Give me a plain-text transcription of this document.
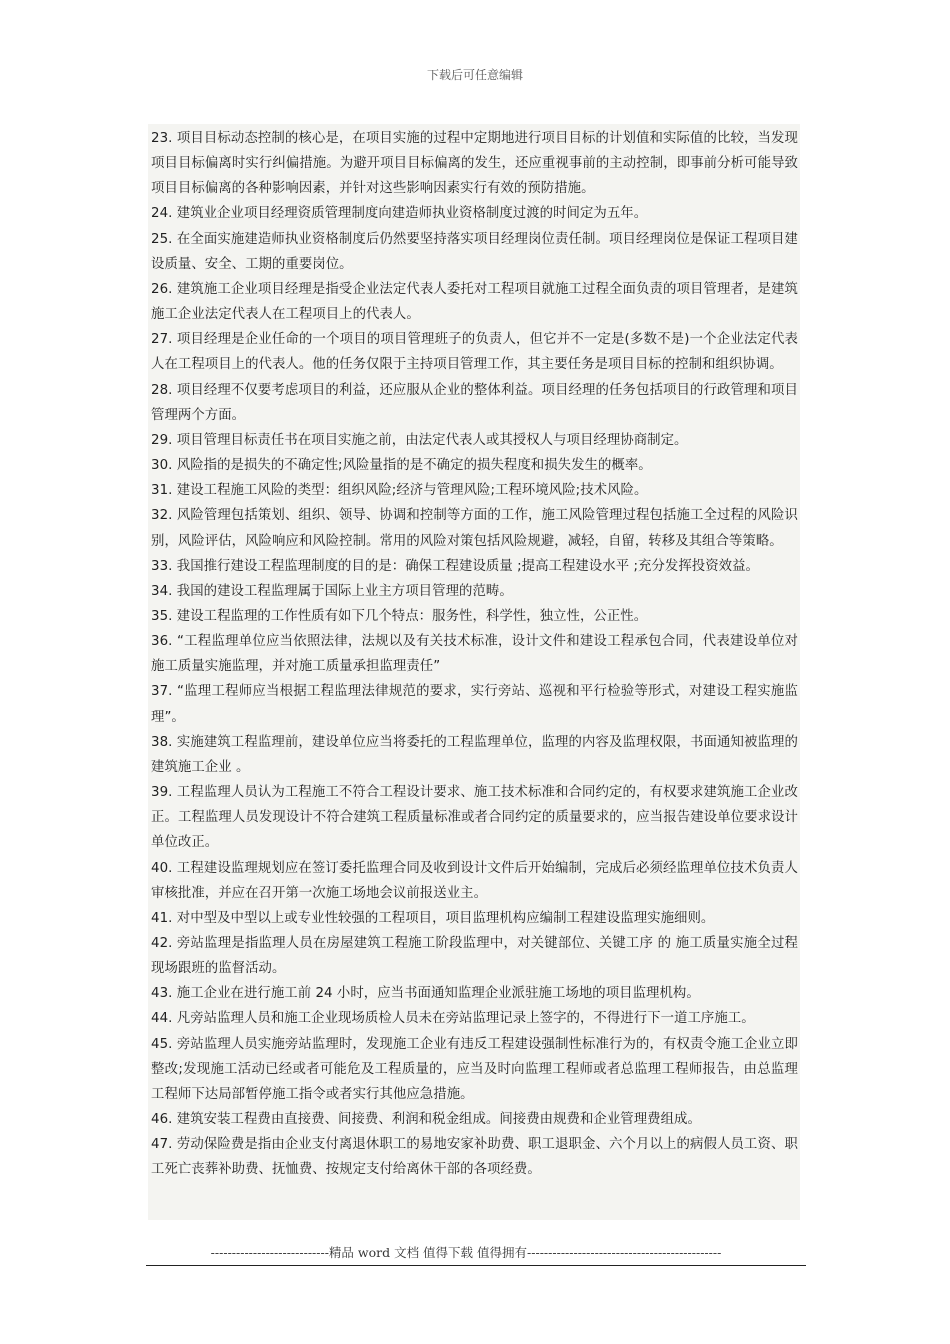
下载后可任意编辑

23. 项目目标动态控制的核心是，在项目实施的过程中定期地进行项目目标的计划值和实际值的比较，当发现项目目标偏离时实行纠偏措施。为避开项目目标偏离的发生，还应重视事前的主动控制，即事前分析可能导致项目目标偏离的各种影响因素，并针对这些影响因素实行有效的预防措施。

24. 建筑业企业项目经理资质管理制度向建造师执业资格制度过渡的时间定为五年。

25. 在全面实施建造师执业资格制度后仍然要坚持落实项目经理岗位责任制。项目经理岗位是保证工程项目建设质量、安全、工期的重要岗位。

26. 建筑施工企业项目经理是指受企业法定代表人委托对工程项目就施工过程全面负责的项目管理者，是建筑施工企业法定代表人在工程项目上的代表人。

27. 项目经理是企业任命的一个项目的项目管理班子的负责人，但它并不一定是(多数不是)一个企业法定代表人在工程项目上的代表人。他的任务仅限于主持项目管理工作，其主要任务是项目目标的控制和组织协调。

28. 项目经理不仅要考虑项目的利益，还应服从企业的整体利益。项目经理的任务包括项目的行政管理和项目管理两个方面。

29. 项目管理目标责任书在项目实施之前，由法定代表人或其授权人与项目经理协商制定。

30. 风险指的是损失的不确定性;风险量指的是不确定的损失程度和损失发生的概率。

31. 建设工程施工风险的类型：组织风险;经济与管理风险;工程环境风险;技术风险。

32. 风险管理包括策划、组织、领导、协调和控制等方面的工作，施工风险管理过程包括施工全过程的风险识别，风险评估，风险响应和风险控制。常用的风险对策包括风险规避，减轻，自留，转移及其组合等策略。

33. 我国推行建设工程监理制度的目的是：确保工程建设质量 ;提高工程建设水平 ;充分发挥投资效益。

34. 我国的建设工程监理属于国际上业主方项目管理的范畴。

35. 建设工程监理的工作性质有如下几个特点：服务性，科学性，独立性，公正性。

36. “工程监理单位应当依照法律，法规以及有关技术标准，设计文件和建设工程承包合同，代表建设单位对施工质量实施监理，并对施工质量承担监理责任”

37. “监理工程师应当根据工程监理法律规范的要求，实行旁站、巡视和平行检验等形式，对建设工程实施监理”。

38. 实施建筑工程监理前，建设单位应当将委托的工程监理单位，监理的内容及监理权限，书面通知被监理的建筑施工企业 。

39. 工程监理人员认为工程施工不符合工程设计要求、施工技术标准和合同约定的，有权要求建筑施工企业改正。工程监理人员发现设计不符合建筑工程质量标准或者合同约定的质量要求的，应当报告建设单位要求设计单位改正。

40. 工程建设监理规划应在签订委托监理合同及收到设计文件后开始编制，完成后必须经监理单位技术负责人审核批准，并应在召开第一次施工场地会议前报送业主。

41. 对中型及中型以上或专业性较强的工程项目，项目监理机构应编制工程建设监理实施细则。

42. 旁站监理是指监理人员在房屋建筑工程施工阶段监理中，对关键部位、关键工序 的 施工质量实施全过程现场跟班的监督活动。

43. 施工企业在进行施工前 24 小时，应当书面通知监理企业派驻施工场地的项目监理机构。

44. 凡旁站监理人员和施工企业现场质检人员未在旁站监理记录上签字的，不得进行下一道工序施工。

45. 旁站监理人员实施旁站监理时，发现施工企业有违反工程建设强制性标准行为的，有权责令施工企业立即整改;发现施工活动已经或者可能危及工程质量的，应当及时向监理工程师或者总监理工程师报告，由总监理工程师下达局部暂停施工指令或者实行其他应急措施。

46. 建筑安装工程费由直接费、间接费、利润和税金组成。间接费由规费和企业管理费组成。

47. 劳动保险费是指由企业支付离退休职工的易地安家补助费、职工退职金、六个月以上的病假人员工资、职工死亡丧葬补助费、抚恤费、按规定支付给离休干部的各项经费。

----------------------------精品 word 文档 值得下载 值得拥有----------------------------------------------
